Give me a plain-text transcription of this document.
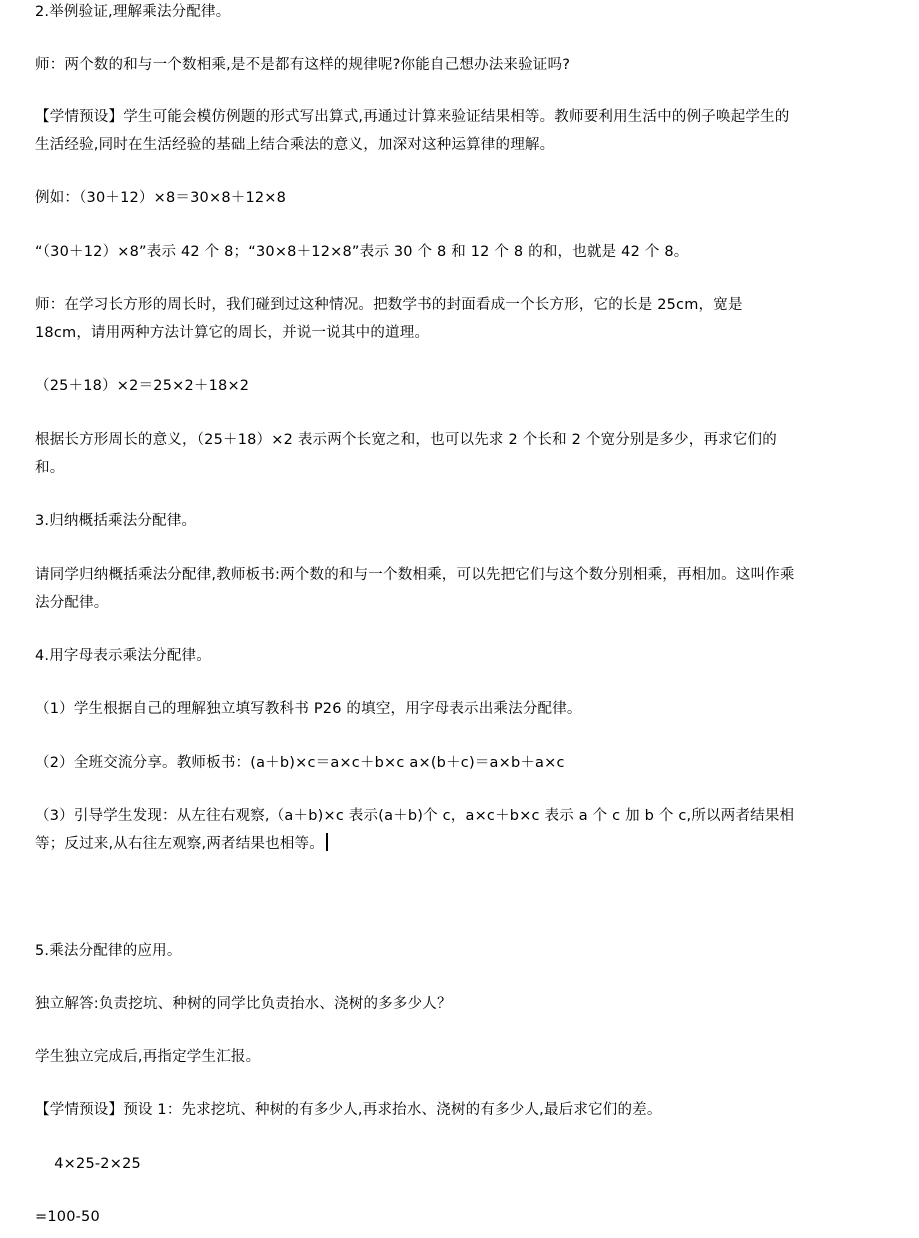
2.举例验证,理解乘法分配律。

师：两个数的和与一个数相乘,是不是都有这样的规律呢?你能自己想办法来验证吗?

【学情预设】学生可能会模仿例题的形式写出算式,再通过计算来验证结果相等。教师要利用生活中的例子唤起学生的生活经验,同时在生活经验的基础上结合乘法的意义，加深对这种运算律的理解。

例如：（30＋12）×8＝30×8＋12×8

“（30＋12）×8”表示 42 个 8；“30×8＋12×8”表示 30 个 8 和 12 个 8 的和，也就是 42 个 8。

师：在学习长方形的周长时，我们碰到过这种情况。把数学书的封面看成一个长方形，它的长是 25cm，宽是 18cm，请用两种方法计算它的周长，并说一说其中的道理。

（25＋18）×2＝25×2＋18×2

根据长方形周长的意义，（25＋18）×2 表示两个长宽之和，也可以先求 2 个长和 2 个宽分别是多少，再求它们的和。

3.归纳概括乘法分配律。

请同学归纳概括乘法分配律,教师板书:两个数的和与一个数相乘，可以先把它们与这个数分别相乘，再相加。这叫作乘法分配律。

4.用字母表示乘法分配律。

（1）学生根据自己的理解独立填写教科书 P26 的填空，用字母表示出乘法分配律。

（2）全班交流分享。教师板书：(a＋b)×c＝a×c＋b×c a×(b＋c)＝a×b＋a×c

（3）引导学生发现：从左往右观察,（a＋b)×c 表示(a＋b)个 c，a×c＋b×c 表示 a 个 c 加 b 个 c,所以两者结果相等；反过来,从右往左观察,两者结果也相等。

5.乘法分配律的应用。

独立解答:负责挖坑、种树的同学比负责抬水、浇树的多多少人？

学生独立完成后,再指定学生汇报。

【学情预设】预设 1：先求挖坑、种树的有多少人,再求抬水、浇树的有多少人,最后求它们的差。

4×25-2×25

=100-50
